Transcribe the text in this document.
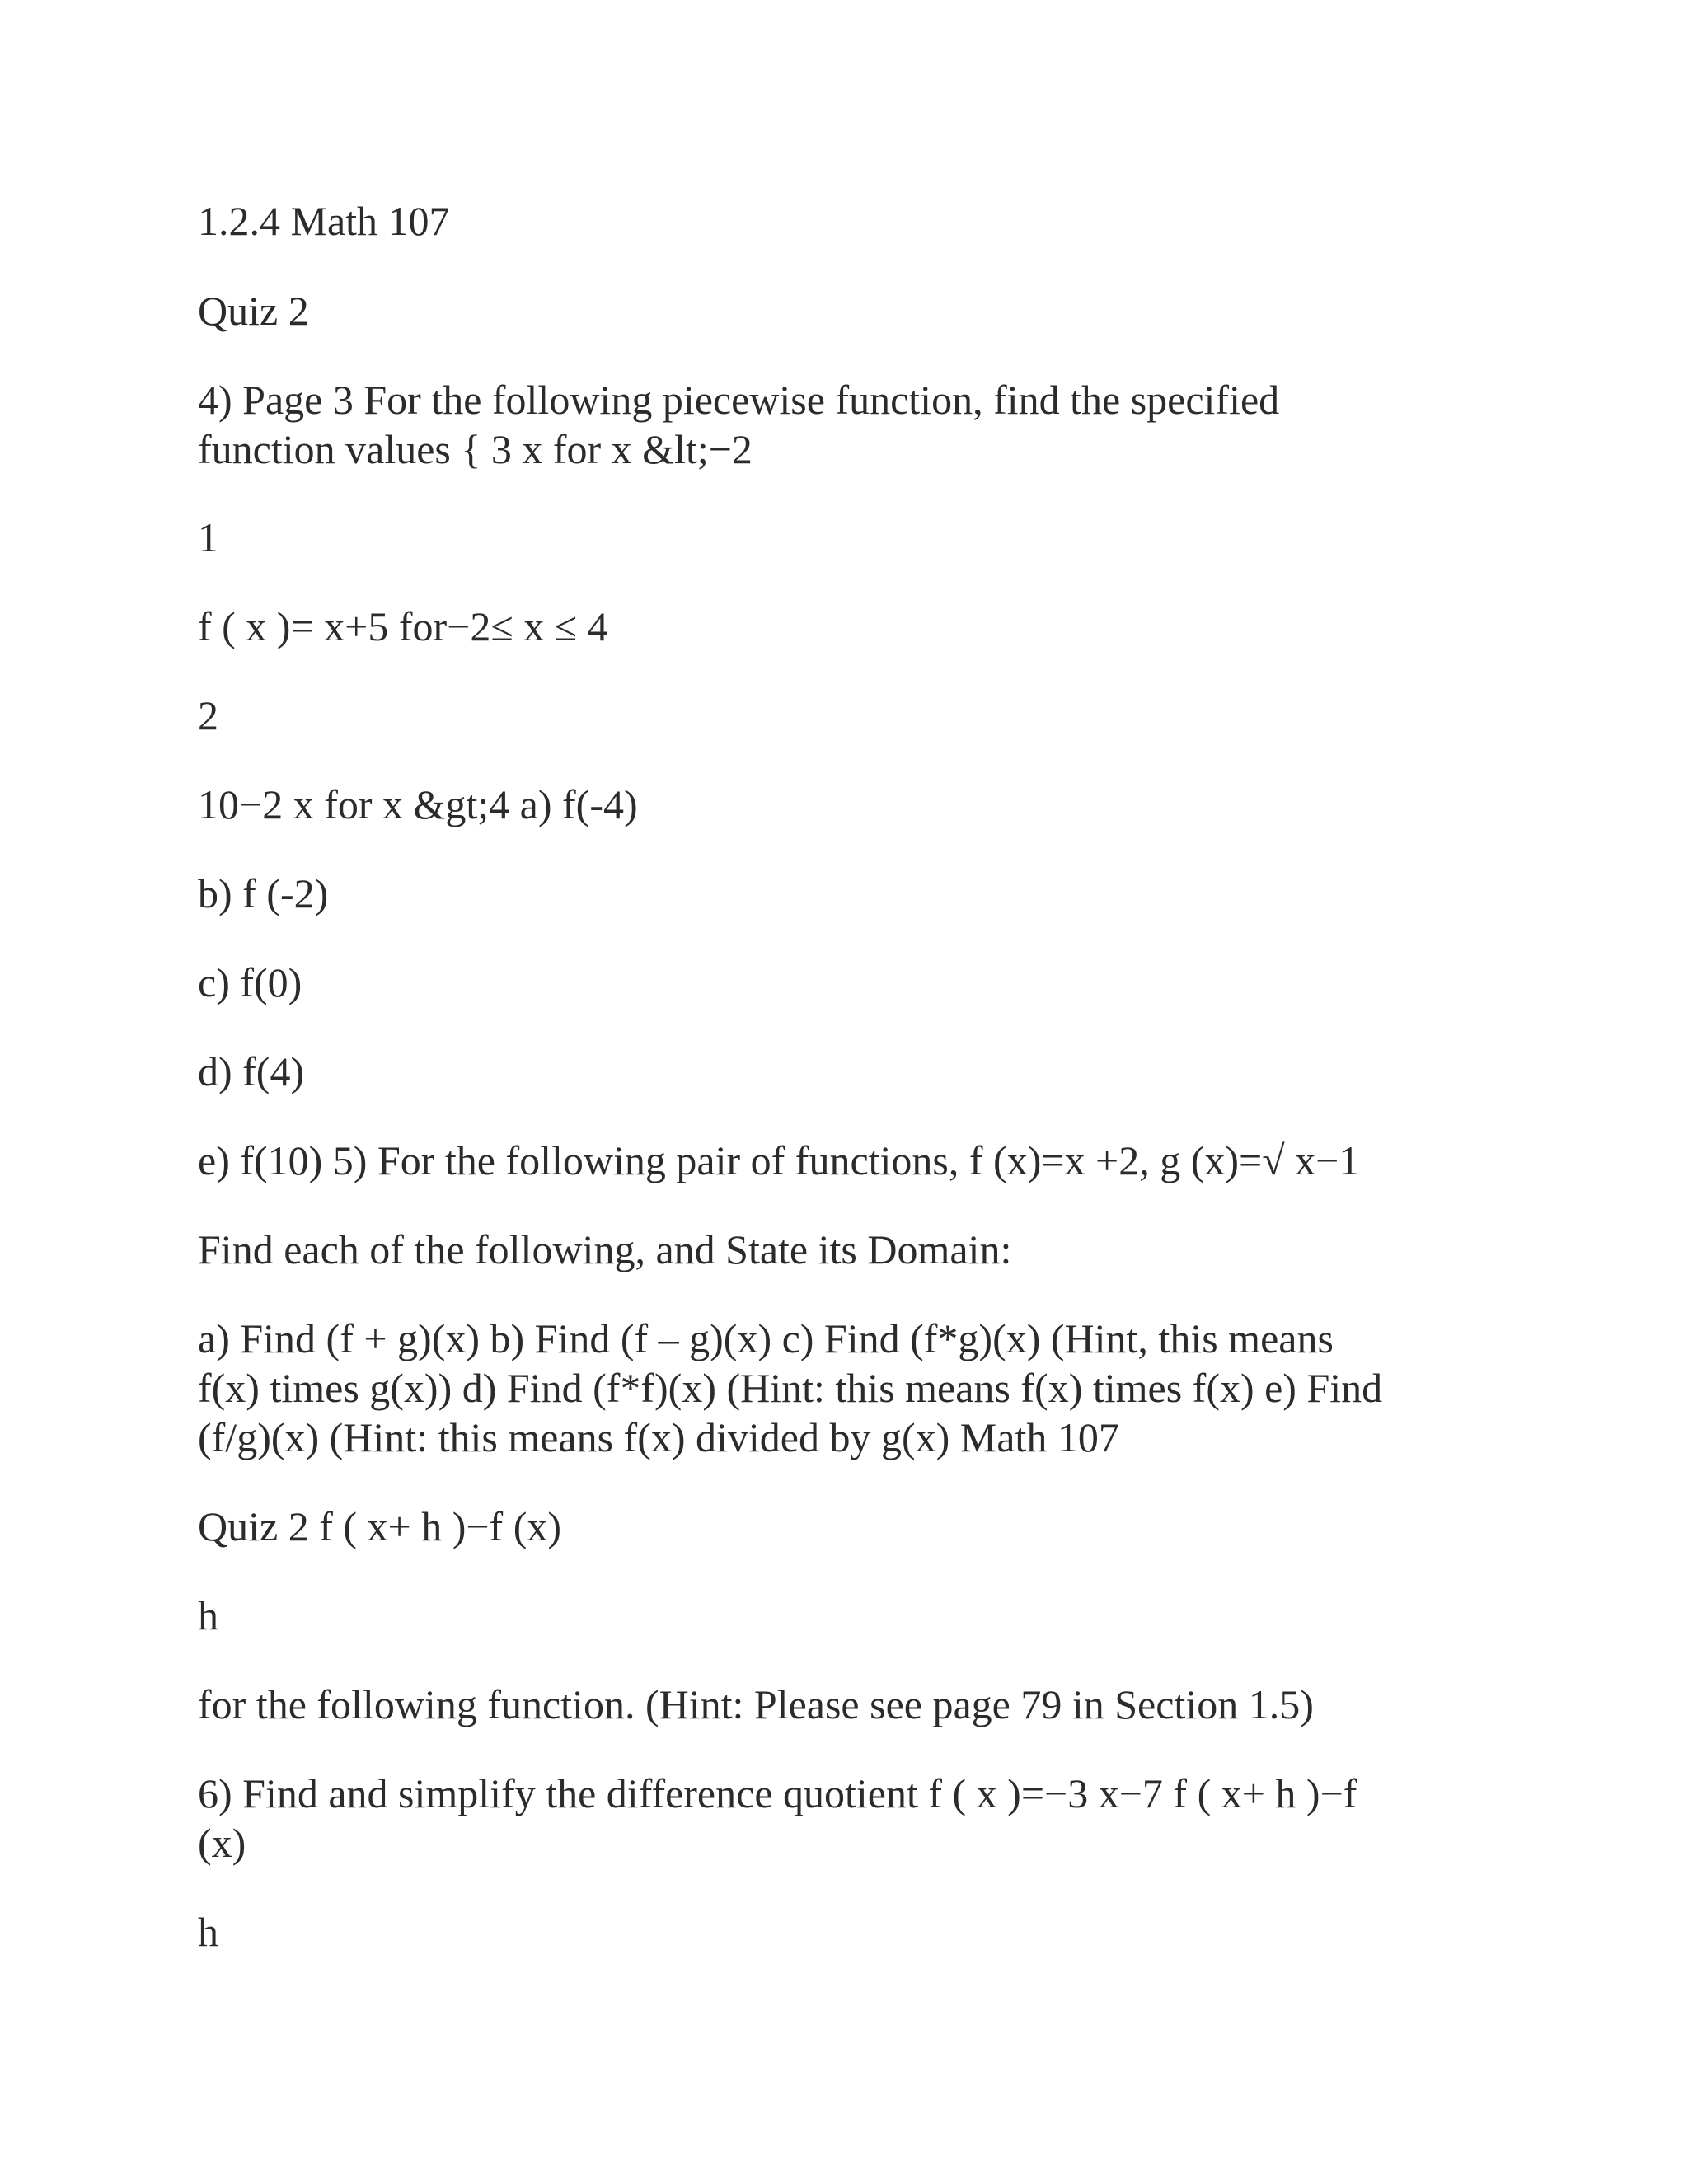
1.2.4 Math 107

Quiz 2

4) Page 3 For the following piecewise function, find the specified

function values { 3 x for x &lt;−2

1

f ( x )= x+5 for−2≤ x ≤ 4

2

10−2 x for x &gt;4 a) f(-4)

b) f (-2)

c) f(0)

d) f(4)

e) f(10) 5) For the following pair of functions, f (x)=x +2, g (x)=√ x−1

Find each of the following, and State its Domain:

a) Find (f + g)(x) b) Find (f – g)(x) c) Find (f*g)(x) (Hint, this means

f(x) times g(x)) d) Find (f*f)(x) (Hint: this means f(x) times f(x) e) Find

(f/g)(x) (Hint: this means f(x) divided by g(x) Math 107

Quiz 2 f ( x+ h )−f (x)

h

for the following function. (Hint: Please see page 79 in Section 1.5)

6) Find and simplify the difference quotient f ( x )=−3 x−7 f ( x+ h )−f

(x)

h
